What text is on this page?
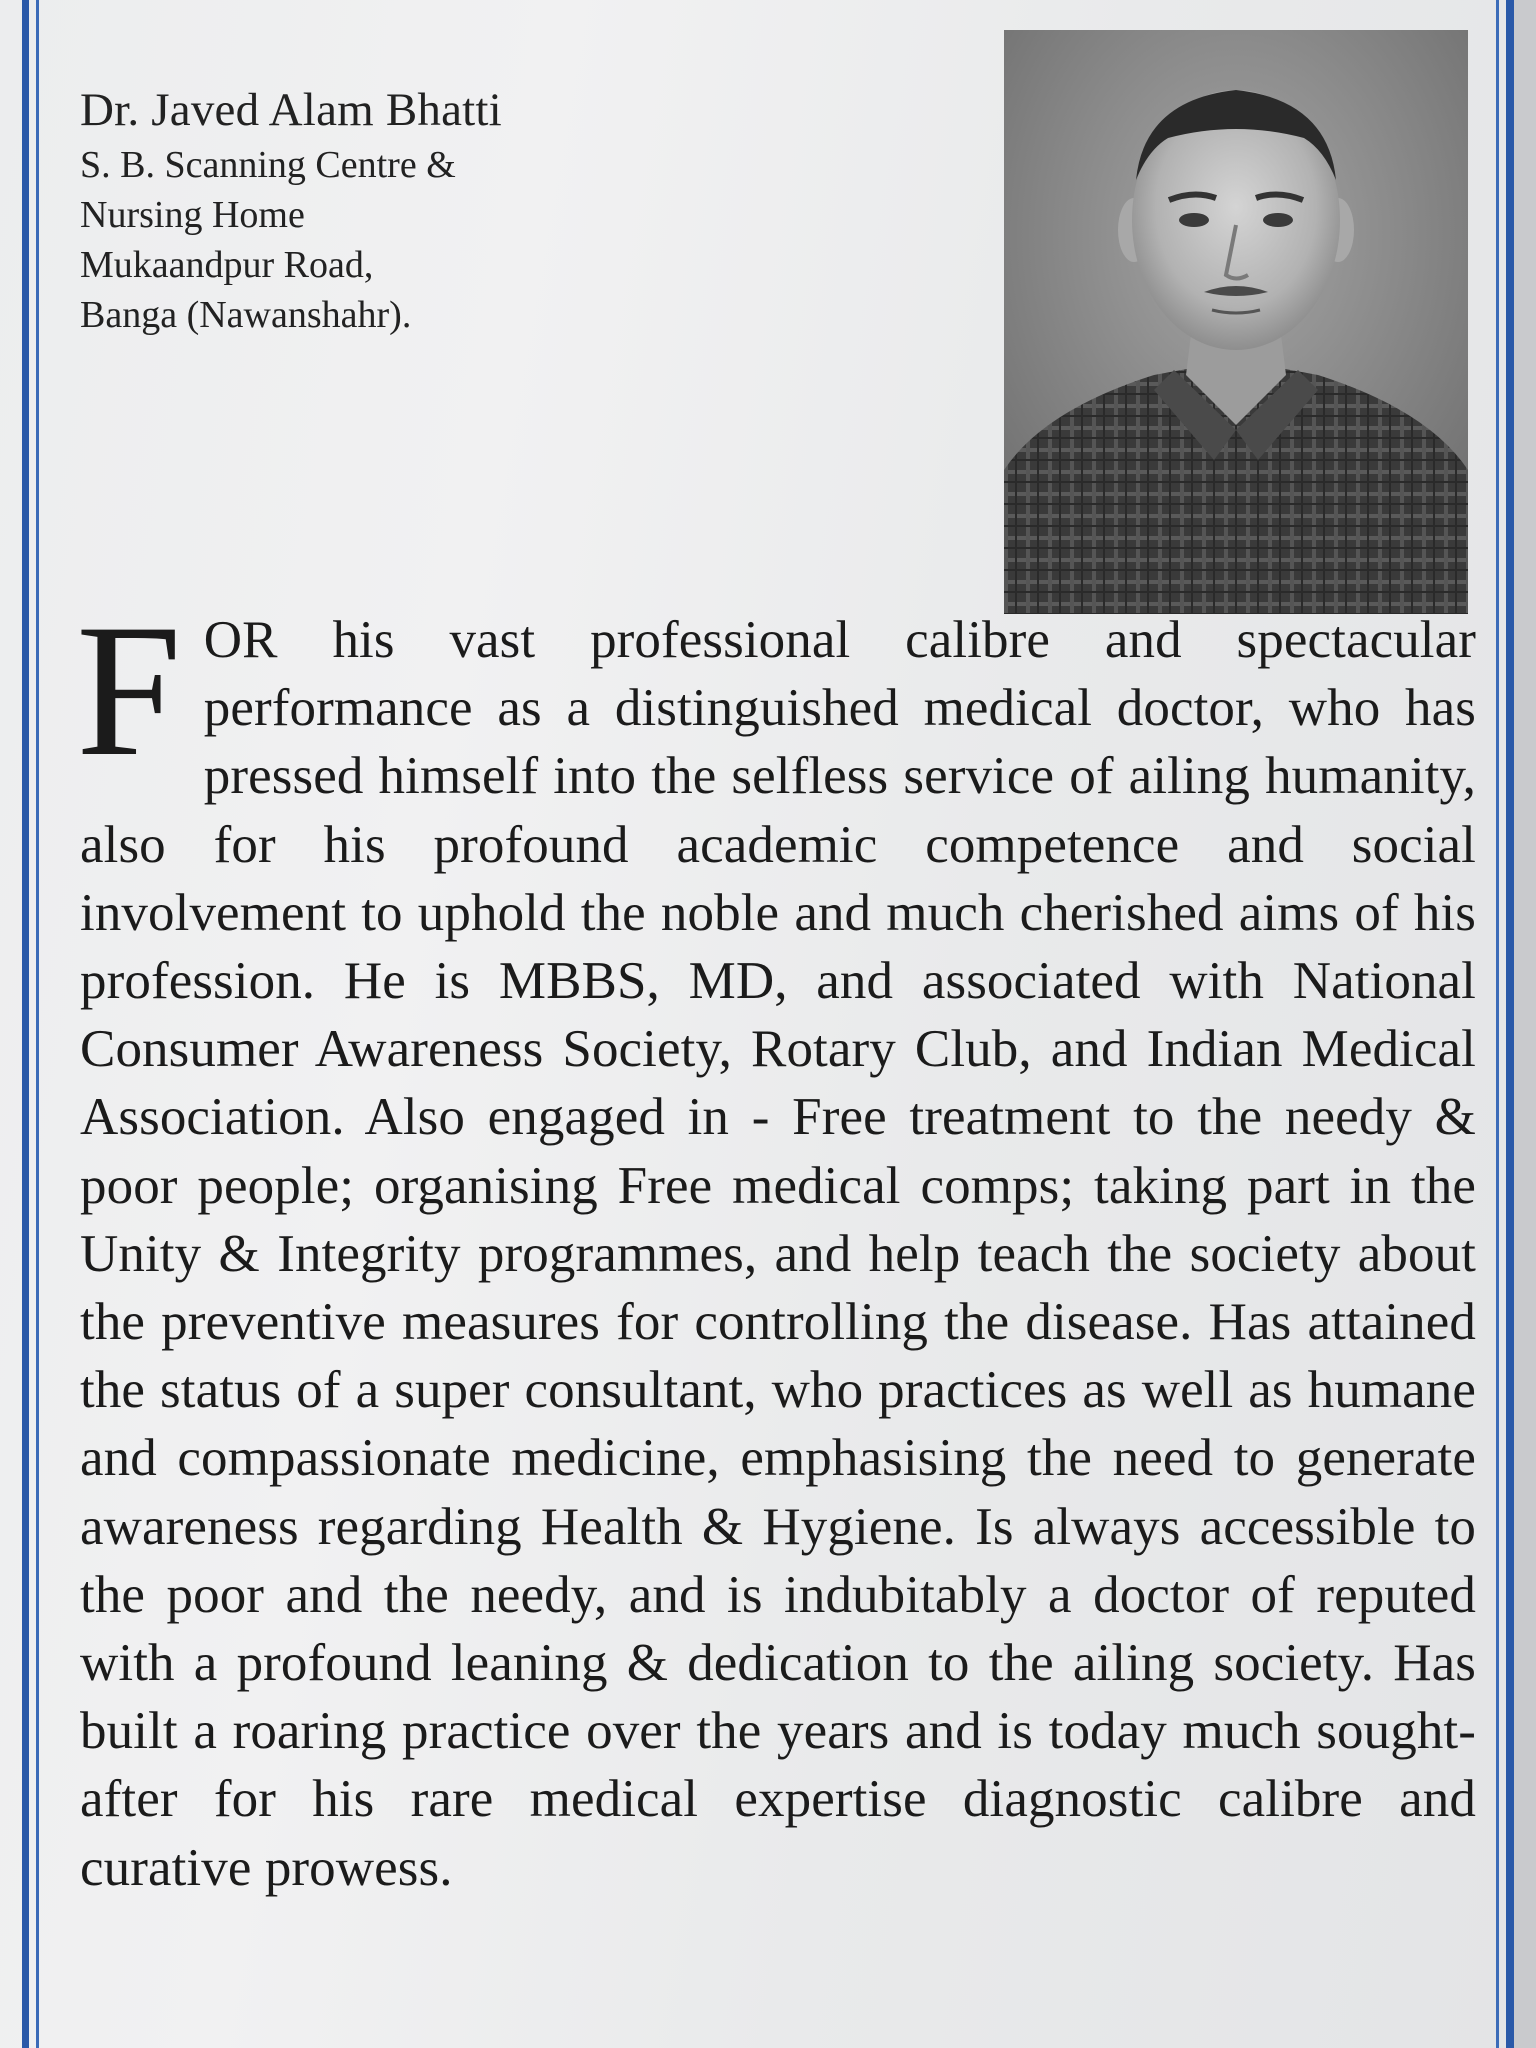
Dr. Javed Alam Bhatti

S. B. Scanning Centre &

Nursing Home

Mukaandpur Road,

Banga (Nawanshahr).

F OR his vast professional calibre and spectacular performance as a distinguished medical doctor, who has pressed himself into the selfless service of ailing humanity, also for his profound academic competence and social involvement to uphold the noble and much cherished aims of his profession. He is MBBS, MD, and associated with National Consumer Awareness Society, Rotary Club, and Indian Medical Association. Also engaged in - Free treatment to the needy & poor people; organising Free medical comps; taking part in the Unity & Integrity programmes, and help teach the society about the preventive measures for controlling the disease. Has attained the status of a super consultant, who practices as well as humane and compassionate medicine, emphasising the need to generate awareness regarding Health & Hygiene. Is always accessible to the poor and the needy, and is indubitably a doctor of reputed with a profound leaning & dedication to the ailing society. Has built a roaring practice over the years and is today much sought-after for his rare medical expertise diagnostic calibre and curative prowess.
